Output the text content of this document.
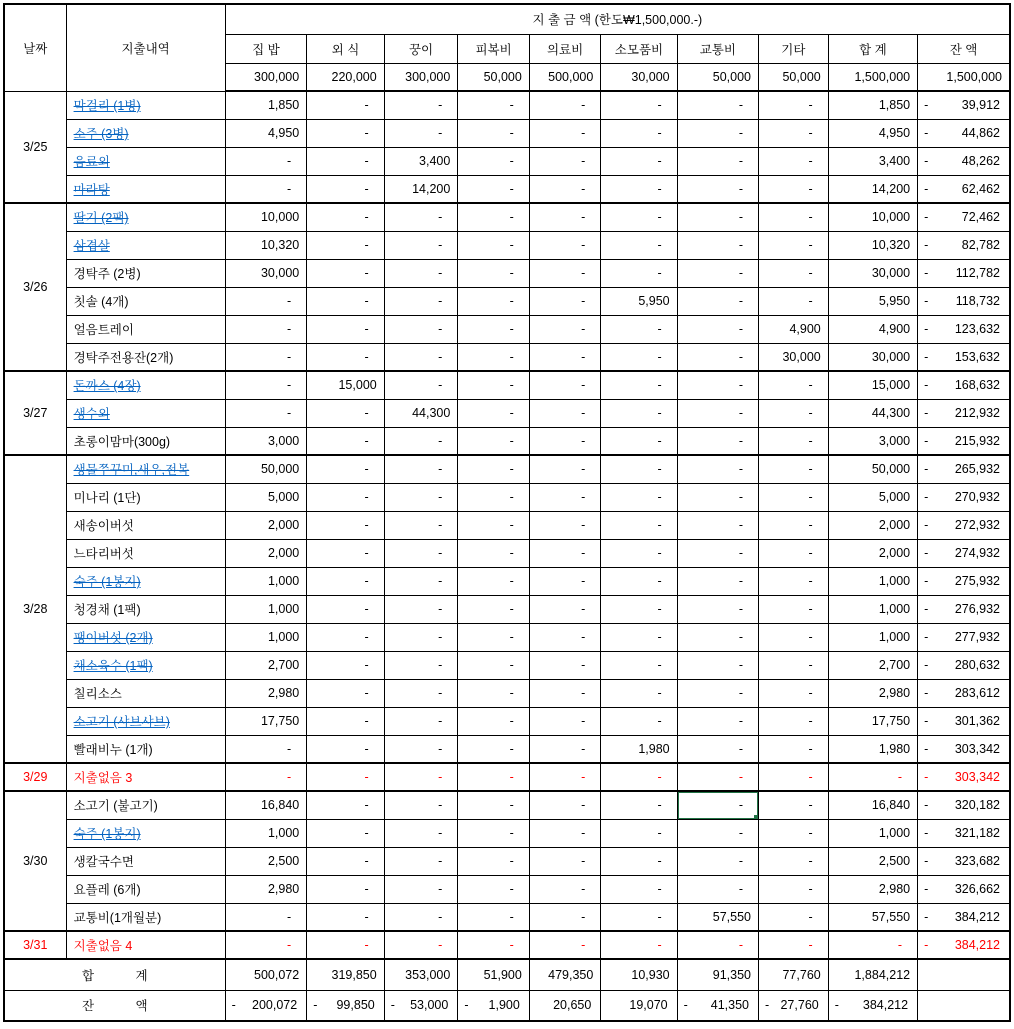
날짜	지출내역	지 출 금 액 (한도₩1,500,000.-)									
		집 밥	외 식	꿍이	피복비	의료비	소모품비	교통비	기타	합 계	잔 액
		300,000	220,000	300,000	50,000	500,000	30,000	50,000	50,000	1,500,000	1,500,000
3/25	막걸리 (1병)	1,850	-	-	-	-	-	-	-	1,850	- 39,912

	소주 (3병)	4,950	-	-	-	-	-	-	-	4,950	- 44,862

	음료외	-	-	3,400	-	-	-	-	-	3,400	- 48,262

	마라탕	-	-	14,200	-	-	-	-	-	14,200	- 62,462

3/26	딸기 (2팩)	10,000	-	-	-	-	-	-	-	10,000	- 72,462

	삼겹살	10,320	-	-	-	-	-	-	-	10,320	- 82,782

	경탁주 (2병)	30,000	-	-	-	-	-	-	-	30,000	- 112,782

	칫솔 (4개)	-	-	-	-	-	5,950	-	-	5,950	- 118,732

	얼음트레이	-	-	-	-	-	-	-	4,900	4,900	- 123,632

	경탁주전용잔(2개)	-	-	-	-	-	-	-	30,000	30,000	- 153,632

3/27	돈까스 (4장)	-	15,000	-	-	-	-	-	-	15,000	- 168,632

	생수외	-	-	44,300	-	-	-	-	-	44,300	- 212,932

	초롱이맘마(300g)	3,000	-	-	-	-	-	-	-	3,000	- 215,932

3/28	생물쭈꾸미,새우,전복	50,000	-	-	-	-	-	-	-	50,000	- 265,932

	미나리 (1단)	5,000	-	-	-	-	-	-	-	5,000	- 270,932

	새송이버섯	2,000	-	-	-	-	-	-	-	2,000	- 272,932

	느타리버섯	2,000	-	-	-	-	-	-	-	2,000	- 274,932

	숙주 (1봉지)	1,000	-	-	-	-	-	-	-	1,000	- 275,932

	청경채 (1팩)	1,000	-	-	-	-	-	-	-	1,000	- 276,932

	팽이버섯 (2개)	1,000	-	-	-	-	-	-	-	1,000	- 277,932

	채소육수 (1팩)	2,700	-	-	-	-	-	-	-	2,700	- 280,632

	칠리소스	2,980	-	-	-	-	-	-	-	2,980	- 283,612

	소고기 (샤브샤브)	17,750	-	-	-	-	-	-	-	17,750	- 301,362

	빨래비누 (1개)	-	-	-	-	-	1,980	-	-	1,980	- 303,342

3/29	지출없음 3	-	-	-	-	-	-	-	-	-	- 303,342

3/30	소고기 (불고기)	16,840	-	-	-	-	-	-	-	16,840	- 320,182

	숙주 (1봉지)	1,000	-	-	-	-	-	-	-	1,000	- 321,182

	생칼국수면	2,500	-	-	-	-	-	-	-	2,500	- 323,682

	요플레 (6개)	2,980	-	-	-	-	-	-	-	2,980	- 326,662

	교통비(1개월분)	-	-	-	-	-	-	57,550	-	57,550	- 384,212

3/31	지출없음 4	-	-	-	-	-	-	-	-	-	- 384,212

합 계		500,072	319,850	353,000	51,900	479,350	10,930	91,350	77,760	1,884,212	
잔 액		- 200,072	- 99,850	- 53,000	- 1,900	20,650	19,070	- 41,350	- 27,760	- 384,212	
